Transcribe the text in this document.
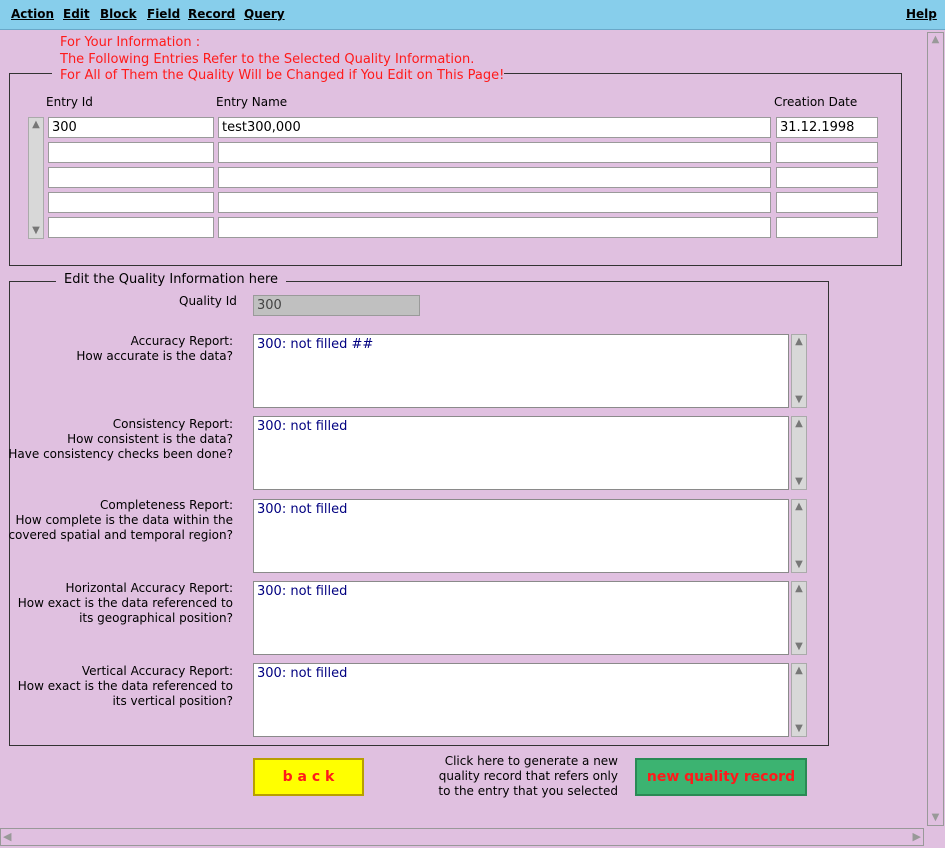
Action Edit Block Field Record Query	Help
For Your Information :
The Following Entries Refer to the Selected Quality Information.
For All of Them the Quality Will be Changed if You Edit on This Page!
Entry Id	Entry Name	Creation Date
▲
▼
300	test300,000	31.12.1998
Edit the Quality Information here
Quality Id	300
Accuracy Report:
How accurate is the data?
300: not filled ##	▲
▼
Consistency Report:
How consistent is the data?
Have consistency checks been done?
300: not filled	▲
▼
Completeness Report:
How complete is the data within the
covered spatial and temporal region?
300: not filled	▲
▼
Horizontal Accuracy Report:
How exact is the data referenced to
its geographical position?
300: not filled	▲
▼
Vertical Accuracy Report:
How exact is the data referenced to
its vertical position?
300: not filled	▲
▼
b a c k
Click here to generate a new
quality record that refers only
to the entry that you selected
new quality record
▲
▼
◀	▶
